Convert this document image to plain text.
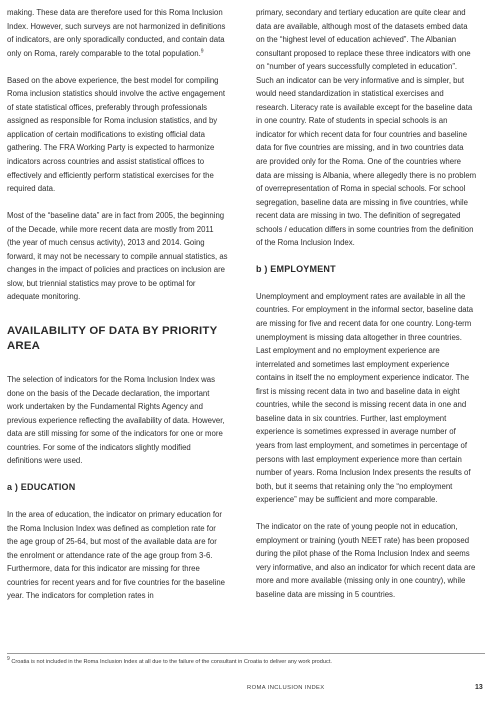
making. These data are therefore used for this Roma Inclusion Index. However, such surveys are not harmonized in definitions of indicators, are only sporadically conducted, and contain data only on Roma, rarely comparable to the total population.$^9$

Based on the above experience, the best model for compiling Roma inclusion statistics should involve the active engagement of state statistical offices, preferably through professionals assigned as responsible for Roma inclusion statistics, and by application of certain modifications to existing official data gathering. The FRA Working Party is expected to harmonize indicators across countries and assist statistical offices to effectively and efficiently perform statistical exercises for the required data.

Most of the “baseline data” are in fact from 2005, the beginning of the Decade, while more recent data are mostly from 2011 (the year of much census activity), 2013 and 2014. Going forward, it may not be necessary to compile annual statistics, as changes in the impact of policies and practices on inclusion are slow, but triennial statistics may prove to be optimal for adequate monitoring.

AVAILABILITY OF DATA BY PRIORITY AREA

The selection of indicators for the Roma Inclusion Index was done on the basis of the Decade declaration, the important work undertaken by the Fundamental Rights Agency and previous experience reflecting the availability of data. However, data are still missing for some of the indicators for one or more countries. For some of the indicators slightly modified definitions were used.

a ) EDUCATION

In the area of education, the indicator on primary education for the Roma Inclusion Index was defined as completion rate for the age group of 25-64, but most of the available data are for the enrolment or attendance rate of the age group from 3-6. Furthermore, data for this indicator are missing for three countries for recent years and for five countries for the baseline year. The indicators for completion rates in

primary, secondary and tertiary education are quite clear and data are available, although most of the datasets embed data on the “highest level of education achieved”. The Albanian consultant proposed to replace these three indicators with one on “number of years successfully completed in education”. Such an indicator can be very informative and is simpler, but would need standardization in statistical exercises and research. Literacy rate is available except for the baseline data in one country. Rate of students in special schools is an indicator for which recent data for four countries and baseline data for five countries are missing, and in two countries data are provided only for the Roma. One of the countries where data are missing is Albania, where allegedly there is no problem of overrepresentation of Roma in special schools. For school segregation, baseline data are missing in five countries, while recent data are missing in two. The definition of segregated schools / education differs in some countries from the definition of the Roma Inclusion Index.

b ) EMPLOYMENT

Unemployment and employment rates are available in all the countries. For employment in the informal sector, baseline data are missing for five and recent data for one country. Long-term unemployment is missing data altogether in three countries. Last employment and no employment experience are interrelated and sometimes last employment experience contains in itself the no employment experience indicator. The first is missing recent data in two and baseline data in eight countries, while the second is missing recent data in one and baseline data in six countries. Further, last employment experience is sometimes expressed in average number of years from last employment, and sometimes in percentage of persons with last employment experience more than certain number of years. Roma Inclusion Index presents the results of both, but it seems that retaining only the “no employment experience” may be sufficient and more comparable.

The indicator on the rate of young people not in education, employment or training (youth NEET rate) has been proposed during the pilot phase of the Roma Inclusion Index and seems very informative, and also an indicator for which recent data are more and more available (missing only in one country), while baseline data are missing in 5 countries.

$^9$ Croatia is not included in the Roma Inclusion Index at all due to the failure of the consultant in Croatia to deliver any work product.
ROMA INCLUSION INDEX	13
